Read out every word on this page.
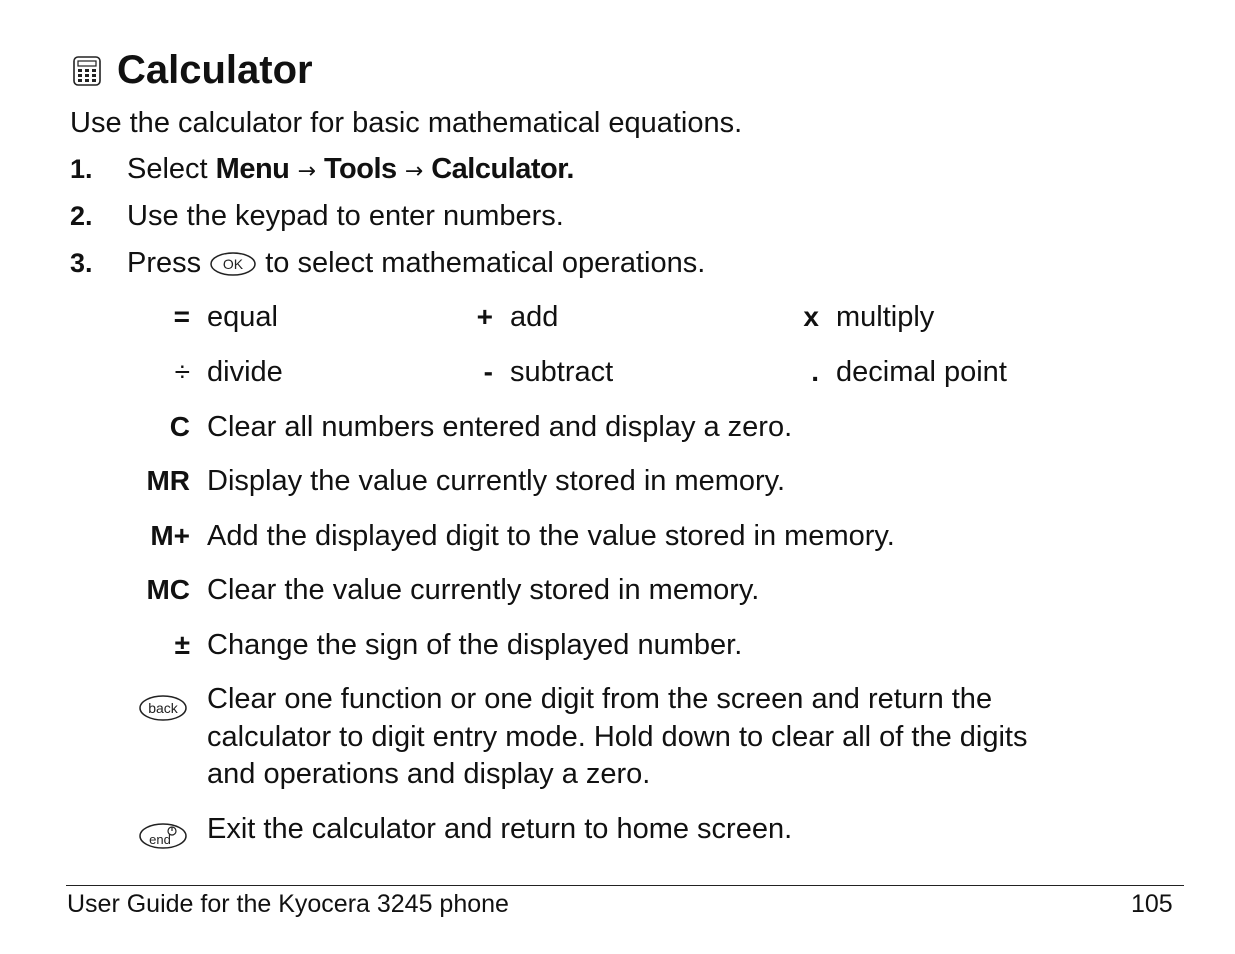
Calculator
Use the calculator for basic mathematical equations.
1. Select Menu → Tools → Calculator.
2. Use the keypad to enter numbers.
3. Press OK to select mathematical operations.
= equal	+ add	x multiply
÷ divide	- subtract	. decimal point
C Clear all numbers entered and display a zero.
MR Display the value currently stored in memory.
M+ Add the displayed digit to the value stored in memory.
MC Clear the value currently stored in memory.
± Change the sign of the displayed number.
back Clear one function or one digit from the screen and return the
calculator to digit entry mode. Hold down to clear all of the digits
and operations and display a zero.
end Exit the calculator and return to home screen.
User Guide for the Kyocera 3245 phone	105
